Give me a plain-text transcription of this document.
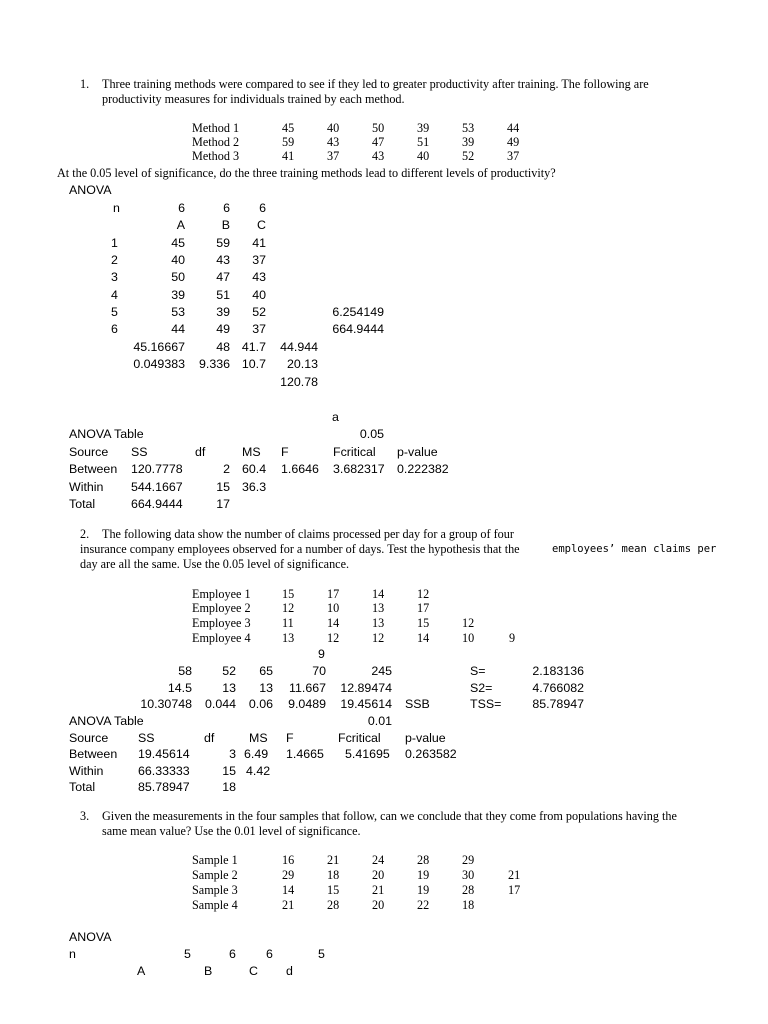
1. Three training methods were compared to see if they led to greater productivity after training. The following are
productivity measures for individuals trained by each method.
Method 1	45	40	50	39	53	44
Method 2	59	43	47	51	39	49
Method 3	41	37	43	40	52	37
At the 0.05 level of significance, do the three training methods lead to different levels of productivity?
ANOVA
n	6	6	6
A	B	C
1	45	59	41
2	40	43	37
3	50	47	43
4	39	51	40
5	53	39	52	6.254149
6	44	49	37	664.9444
45.16667	48 41.7	44.944
0.049383	9.336 10.7	20.13
120.78
a
0.05
ANOVA Table
Source SS	df	MS F	Fcritical p-value
Between 120.7778	2 60.4 1.6646 3.682317 0.222382
Within 544.1667	15 36.3
Total	664.9444	17
2. The following data show the number of claims processed per day for a group of four
insurance company employees observed for a number of days. Test the hypothesis that the	employees’ mean claims per
day are all the same. Use the 0.05 level of significance.
Employee 1	15	17	14	12
Employee 2	12	10	13	17
Employee 3	11	14	13	15	12
Employee 4	13	12	12	14	10	9
9
58	52	65	70	245	S=	2.183136
14.5	13	13	11.667	12.89474	S2=	4.766082
10.30748	0.044	0.06	9.0489	19.45614 SSB	TSS=	85.78947
ANOVA Table	0.01
Source SS	df	MS F	Fcritical p-value
Between 19.45614	3 6.49 1.4665 5.41695 0.263582
Within	66.33333	15 4.42
Total	85.78947	18
3. Given the measurements in the four samples that follow, can we conclude that they come from populations having the
same mean value? Use the 0.01 level of significance.
Sample 1	16	21	24	28	29
Sample 2	29	18	20	19	30	21
Sample 3	14	15	21	19	28	17
Sample 4	21	28	20	22	18
ANOVA
n	5	6 6	5
A	B	C d
